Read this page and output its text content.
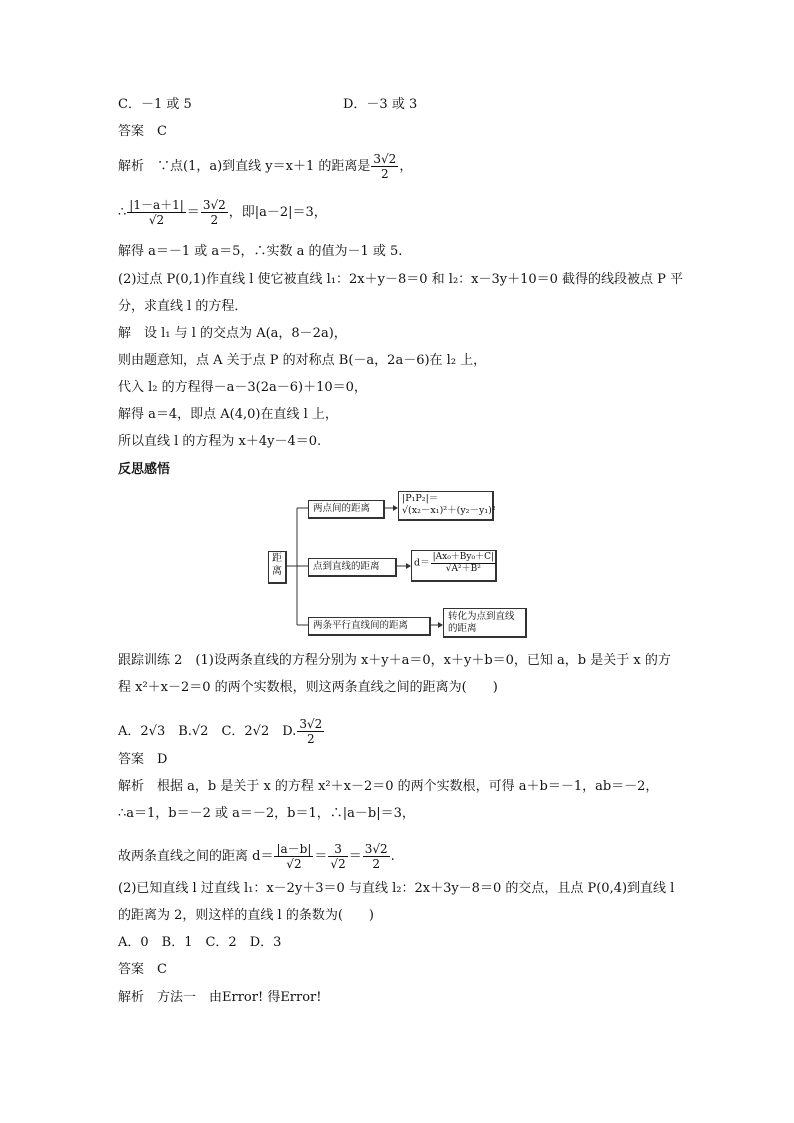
C．－1 或 5	D．－3 或 3
答案　C
解析　∵点(1，a)到直线 y＝x＋1 的距离是 $\frac{3√2}{2}$ ，
∴ $\frac{|1-a+1|}{√2} = \frac{3√2}{2}$ ，即|a－2|＝3，
解得 a＝－1 或 a＝5，∴实数 a 的值为－1 或 5.
(2)过点 P(0,1)作直线 l 使它被直线 l₁：2x＋y－8＝0 和 l₂：x－3y＋10＝0 截得的线段被点 P 平
分，求直线 l 的方程．
解　设 l₁ 与 l 的交点为 A(a，8－2a)，
则由题意知，点 A 关于点 P 的对称点 B(－a，2a－6)在 l₂ 上，
代入 l₂ 的方程得－a－3(2a－6)＋10＝0，
解得 a＝4，即点 A(4,0)在直线 l 上，
所以直线 l 的方程为 x＋4y－4＝0.
反思感悟
距离
两点间的距离
|P₁P₂|＝
√(x₂－x₁)²＋(y₂－y₁)²
点到直线的距离	$d= \frac{\text{|Ax₀＋By₀＋C|}}{\text{√A²＋B²}}$
两条平行直线间的距离
转化为点到直线
的距离
跟踪训练 2　(1)设两条直线的方程分别为 x＋y＋a＝0，x＋y＋b＝0，已知 a，b 是关于 x 的方
程 x²＋x－2＝0 的两个实数根，则这两条直线之间的距离为(　　)
A．2√3　B.√2　C．2√2　D. $\frac{3√2}{2}$
答案　D
解析　根据 a，b 是关于 x 的方程 x²＋x－2＝0 的两个实数根，可得 a＋b＝－1，ab＝－2，
∴a＝1，b＝－2 或 a＝－2，b＝1，∴|a－b|＝3，
故两条直线之间的距离 $d= \frac{|a-b|}{√2} = \frac{3}{√2} = \frac{3√2}{2}$ .
(2)已知直线 l 过直线 l₁：x－2y＋3＝0 与直线 l₂：2x＋3y－8＝0 的交点，且点 P(0,4)到直线 l
的距离为 2，则这样的直线 l 的条数为(　　)
A．0　B．1　C．2　D．3
答案　C
解析　方法一　由Error! 得Error!
